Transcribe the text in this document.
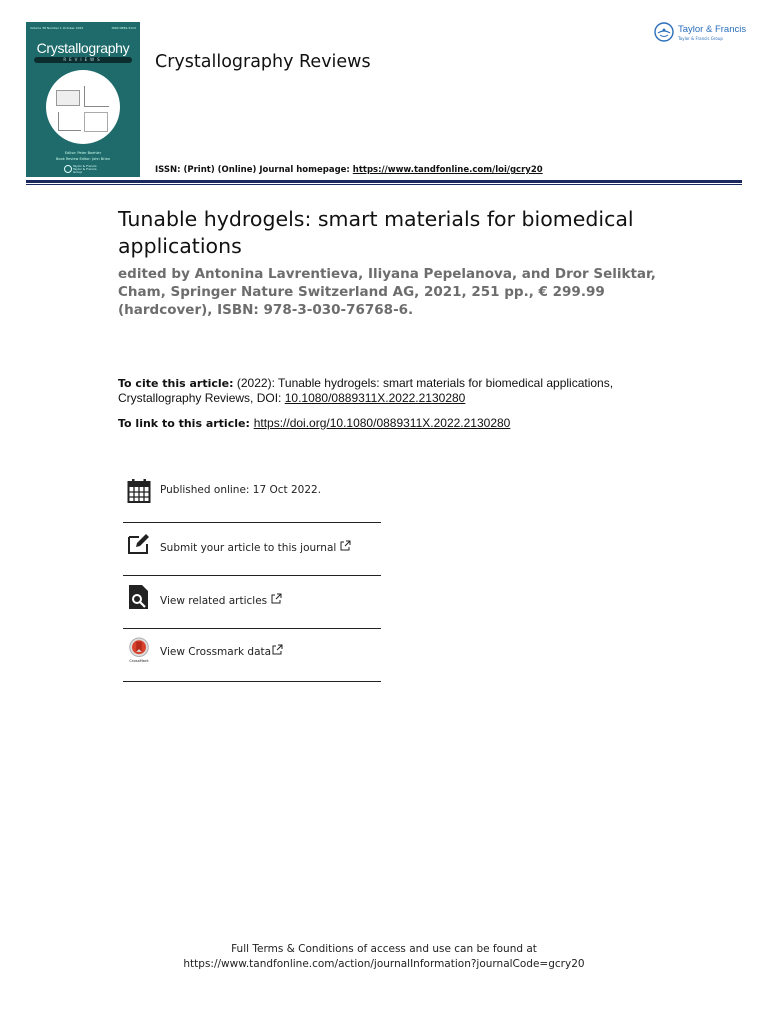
Volume 38 Number 1 October 2022	ISSN 0889-311X
Crystallography
REVIEWS
Editor: Peter Boehler
Book Review Editor: John Brian
Taylor & Francis Taylor & Francis Group
Crystallography Reviews
Taylor & Francis
Taylor & Francis Group
ISSN: (Print) (Online) Journal homepage: https://www.tandfonline.com/loi/gcry20
Tunable hydrogels: smart materials for biomedical applications
edited by Antonina Lavrentieva, Iliyana Pepelanova, and Dror Seliktar, Cham, Springer Nature Switzerland AG, 2021, 251 pp., € 299.99 (hardcover), ISBN: 978-3-030-76768-6.
To cite this article: (2022): Tunable hydrogels: smart materials for biomedical applications, Crystallography Reviews, DOI: 10.1080/0889311X.2022.2130280
To link to this article: https://doi.org/10.1080/0889311X.2022.2130280
Published online: 17 Oct 2022.
Submit your article to this journal
View related articles
CrossMark
View Crossmark data
Full Terms & Conditions of access and use can be found at
https://www.tandfonline.com/action/journalInformation?journalCode=gcry20
